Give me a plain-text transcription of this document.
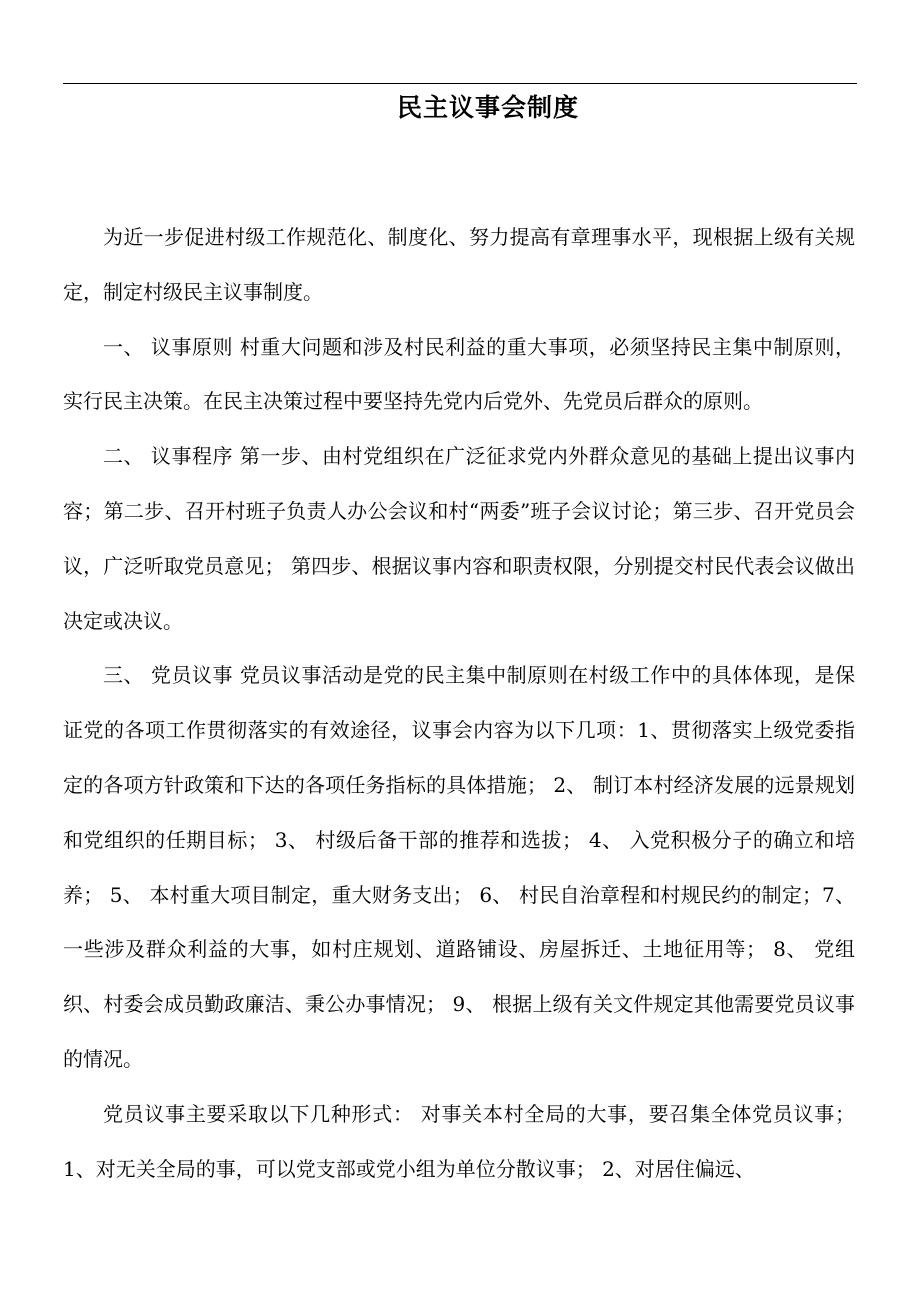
民主议事会制度

为近一步促进村级工作规范化、制度化、努力提高有章理事水平，现根据上级有关规定，制定村级民主议事制度。

一、 议事原则 村重大问题和涉及村民利益的重大事项，必须坚持民主集中制原则，实行民主决策。在民主决策过程中要坚持先党内后党外、先党员后群众的原则。

二、 议事程序 第一步、由村党组织在广泛征求党内外群众意见的基础上提出议事内容；第二步、召开村班子负责人办公会议和村“两委”班子会议讨论；第三步、召开党员会议，广泛听取党员意见； 第四步、根据议事内容和职责权限，分别提交村民代表会议做出决定或决议。

三、 党员议事 党员议事活动是党的民主集中制原则在村级工作中的具体体现，是保证党的各项工作贯彻落实的有效途径，议事会内容为以下几项：1、贯彻落实上级党委指定的各项方针政策和下达的各项任务指标的具体措施； 2、 制订本村经济发展的远景规划和党组织的任期目标； 3、 村级后备干部的推荐和选拔； 4、 入党积极分子的确立和培养； 5、 本村重大项目制定，重大财务支出； 6、 村民自治章程和村规民约的制定；7、一些涉及群众利益的大事，如村庄规划、道路铺设、房屋拆迁、土地征用等； 8、 党组织、村委会成员勤政廉洁、秉公办事情况； 9、 根据上级有关文件规定其他需要党员议事的情况。

党员议事主要采取以下几种形式： 对事关本村全局的大事，要召集全体党员议事； 1、对无关全局的事，可以党支部或党小组为单位分散议事； 2、对居住偏远、
